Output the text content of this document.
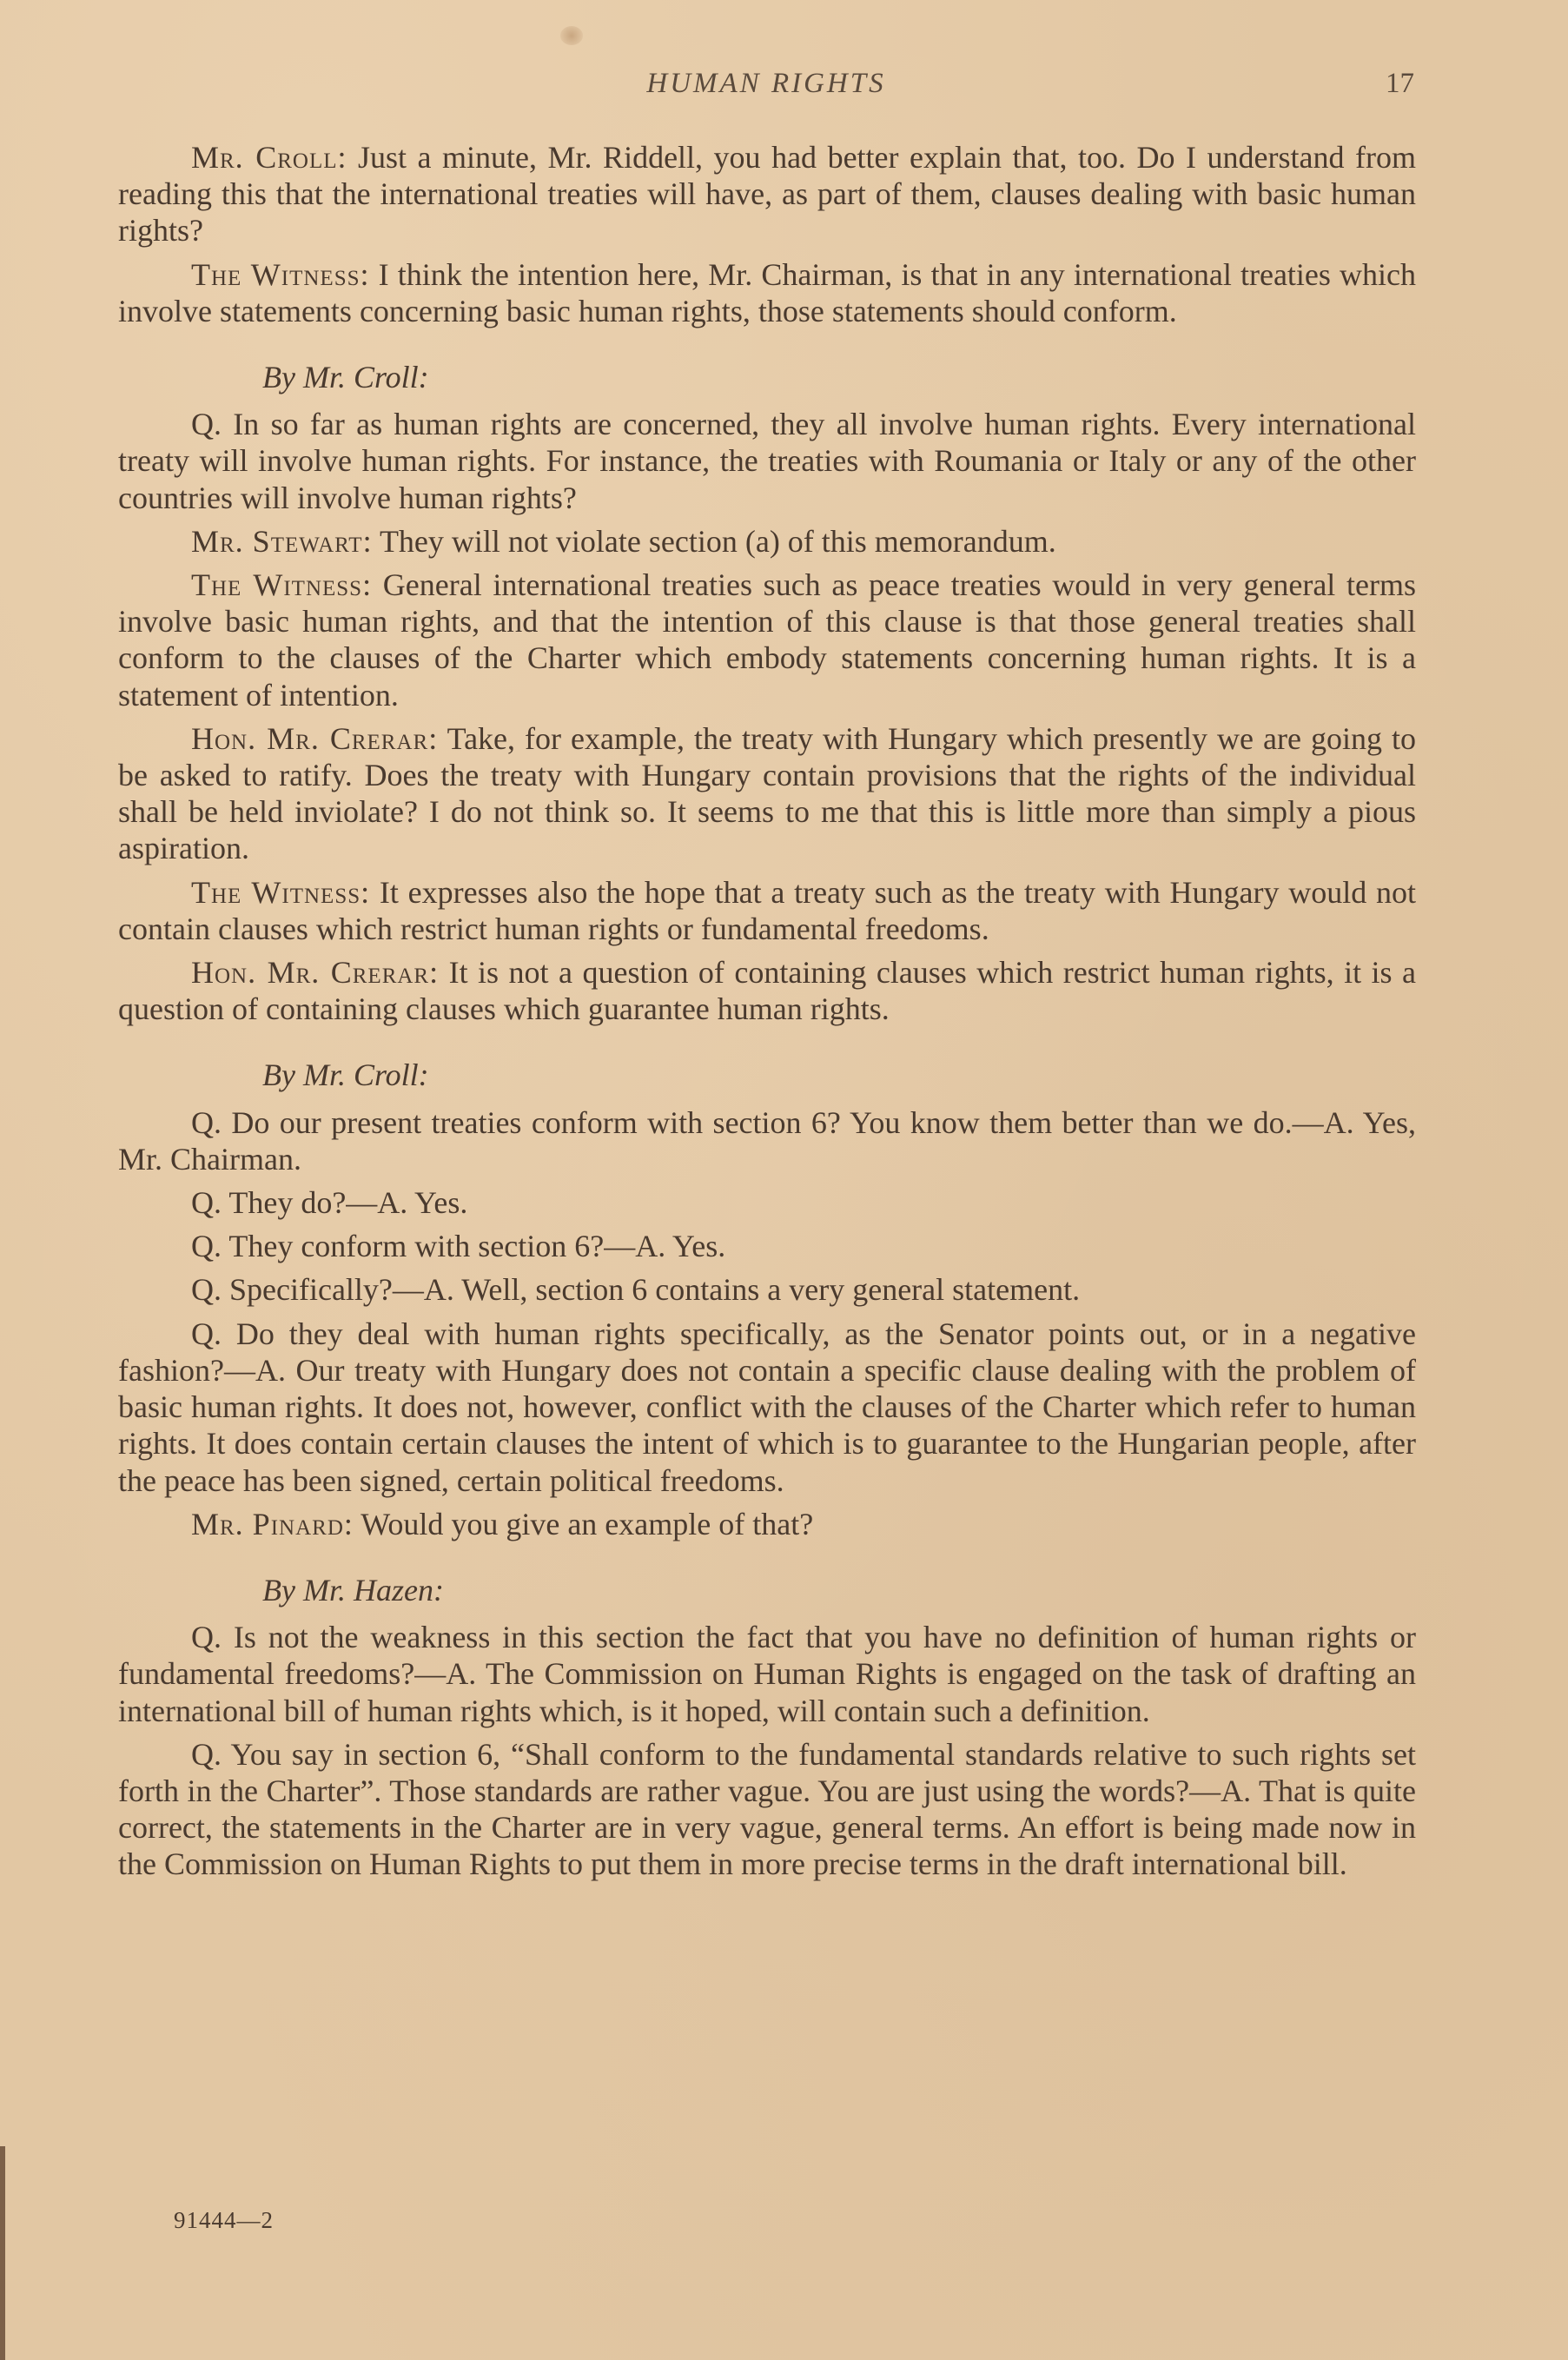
HUMAN RIGHTS	17

Mr. Croll: Just a minute, Mr. Riddell, you had better explain that, too. Do I understand from reading this that the international treaties will have, as part of them, clauses dealing with basic human rights?

The Witness: I think the intention here, Mr. Chairman, is that in any international treaties which involve statements concerning basic human rights, those statements should conform.

By Mr. Croll:

Q. In so far as human rights are concerned, they all involve human rights. Every international treaty will involve human rights. For instance, the treaties with Roumania or Italy or any of the other countries will involve human rights?

Mr. Stewart: They will not violate section (a) of this memorandum.

The Witness: General international treaties such as peace treaties would in very general terms involve basic human rights, and that the intention of this clause is that those general treaties shall conform to the clauses of the Charter which embody statements concerning human rights. It is a statement of intention.

Hon. Mr. Crerar: Take, for example, the treaty with Hungary which presently we are going to be asked to ratify. Does the treaty with Hungary contain provisions that the rights of the individual shall be held inviolate? I do not think so. It seems to me that this is little more than simply a pious aspiration.

The Witness: It expresses also the hope that a treaty such as the treaty with Hungary would not contain clauses which restrict human rights or fundamental freedoms.

Hon. Mr. Crerar: It is not a question of containing clauses which restrict human rights, it is a question of containing clauses which guarantee human rights.

By Mr. Croll:

Q. Do our present treaties conform with section 6? You know them better than we do.—A. Yes, Mr. Chairman.

Q. They do?—A. Yes.

Q. They conform with section 6?—A. Yes.

Q. Specifically?—A. Well, section 6 contains a very general statement.

Q. Do they deal with human rights specifically, as the Senator points out, or in a negative fashion?—A. Our treaty with Hungary does not contain a specific clause dealing with the problem of basic human rights. It does not, however, conflict with the clauses of the Charter which refer to human rights. It does contain certain clauses the intent of which is to guarantee to the Hungarian people, after the peace has been signed, certain political freedoms.

Mr. Pinard: Would you give an example of that?

By Mr. Hazen:

Q. Is not the weakness in this section the fact that you have no definition of human rights or fundamental freedoms?—A. The Commission on Human Rights is engaged on the task of drafting an international bill of human rights which, is it hoped, will contain such a definition.

Q. You say in section 6, “Shall conform to the fundamental standards relative to such rights set forth in the Charter”. Those standards are rather vague. You are just using the words?—A. That is quite correct, the statements in the Charter are in very vague, general terms. An effort is being made now in the Commission on Human Rights to put them in more precise terms in the draft international bill.

91444—2
